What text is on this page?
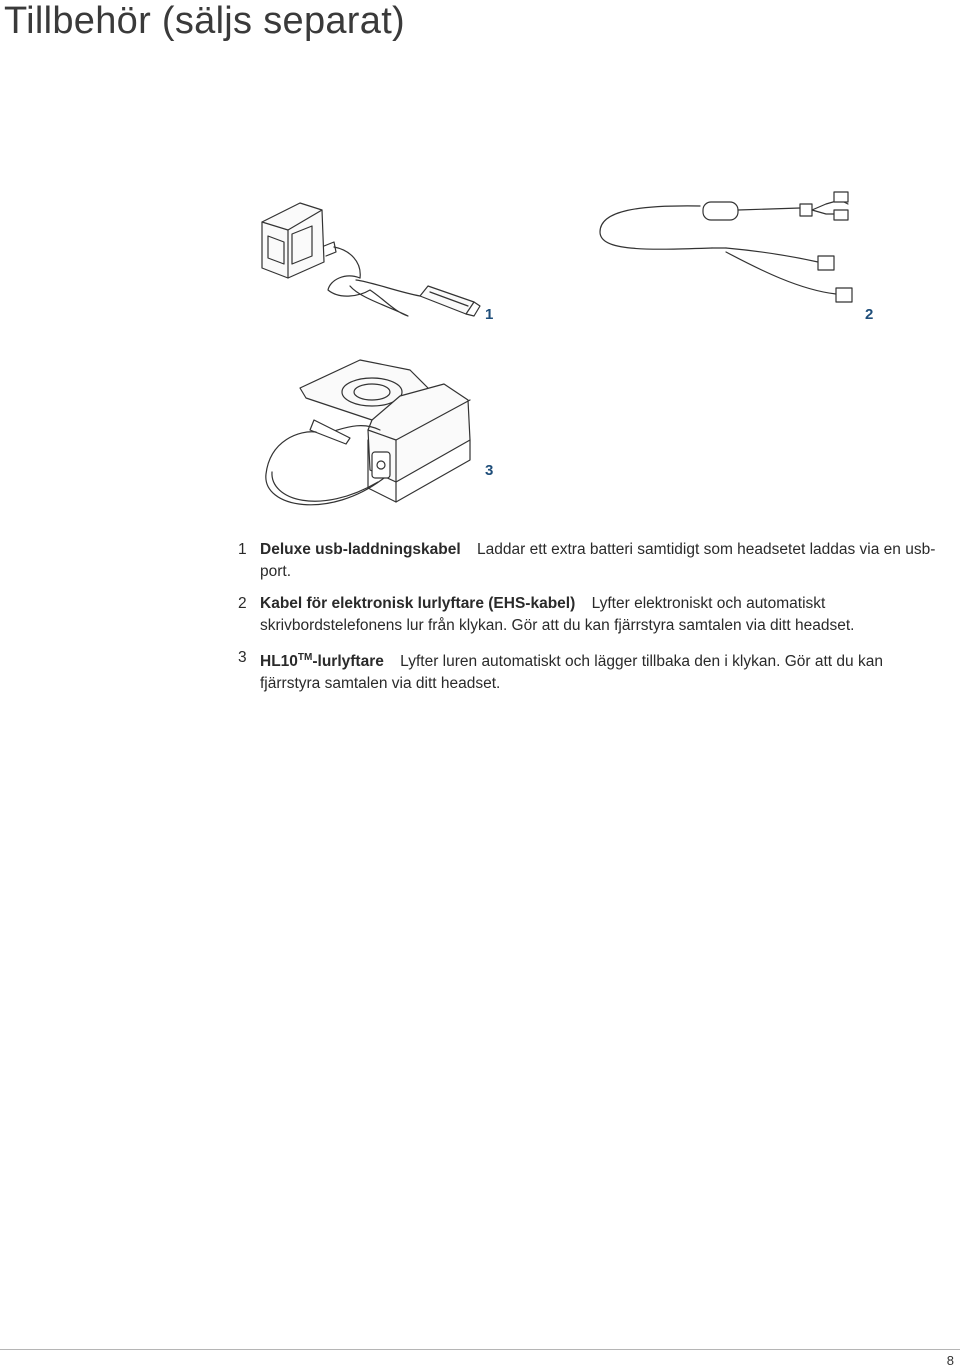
Tillbehör (säljs separat)
1	2
3
1 Deluxe usb-laddningskabel Laddar ett extra batteri samtidigt som headsetet laddas via en usb-port.
2 Kabel för elektronisk lurlyftare (EHS-kabel) Lyfter elektroniskt och automatiskt skrivbordstelefonens lur från klykan. Gör att du kan fjärrstyra samtalen via ditt headset.
3 HL10™-lurlyftare Lyfter luren automatiskt och lägger tillbaka den i klykan. Gör att du kan fjärrstyra samtalen via ditt headset.
8
